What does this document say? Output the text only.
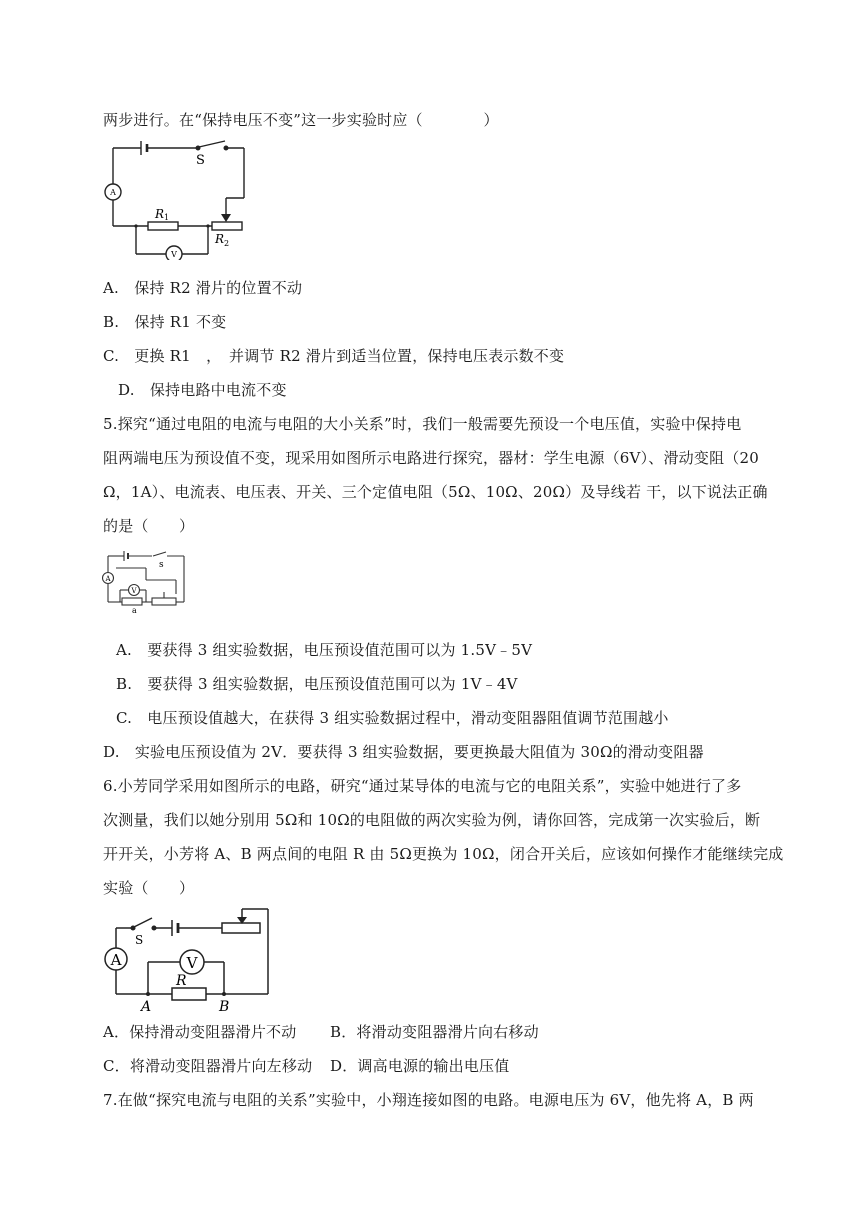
两步进行。在“保持电压不变”这一步实验时应（　　　　）
S
A
V
R 1
R 2
A.　保持 R2 滑片的位置不动
B.　保持 R1 不变
C.　更换 R1　，　并调节 R2 滑片到适当位置，保持电压表示数不变
D.　保持电路中电流不变
5.探究“通过电阻的电流与电阻的大小关系”时，我们一般需要先预设一个电压值，实验中保持电
阻两端电压为预设值不变，现采用如图所示电路进行探究，器材：学生电源（6V）、滑动变阻（20
Ω，1A）、电流表、电压表、开关、三个定值电阻（5Ω、10Ω、20Ω）及导线若 干，以下说法正确
的是（　　）
s
A
V
a
A.　要获得 3 组实验数据，电压预设值范围可以为 1.5V﹣5V
B.　要获得 3 组实验数据，电压预设值范围可以为 1V﹣4V
C.　电压预设值越大，在获得 3 组实验数据过程中，滑动变阻器阻值调节范围越小
D.　实验电压预设值为 2V．要获得 3 组实验数据，要更换最大阻值为 30Ω的滑动变阻器
6.小芳同学采用如图所示的电路，研究“通过某导体的电流与它的电阻关系”，实验中她进行了多
次测量，我们以她分别用 5Ω和 10Ω的电阻做的两次实验为例，请你回答，完成第一次实验后，断
开开关，小芳将 A、B 两点间的电阻 R 由 5Ω更换为 10Ω，闭合开关后，应该如何操作才能继续完成
实验（　　）
S
A	V
R
A	B
A．保持滑动变阻器滑片不动 B．将滑动变阻器滑片向右移动
C．将滑动变阻器滑片向左移动 D．调高电源的输出电压值
7.在做“探究电流与电阻的关系”实验中，小翔连接如图的电路。电源电压为 6V，他先将 A，B 两
